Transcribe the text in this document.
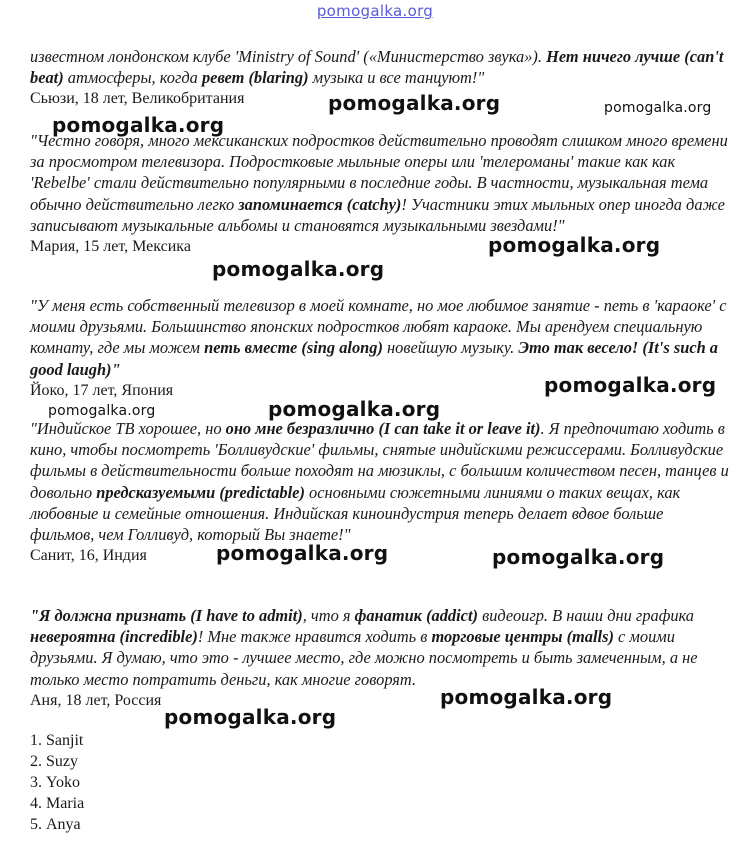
pomogalka.org

известном лондонском клубе 'Ministry of Sound' («Министерство звука»). Нет ничего лучше (can't beat) атмосферы, когда ревет (blaring) музыка и все танцуют!"

Сьюзи, 18 лет, Великобритания

"Честно говоря, много мексиканских подростков действительно проводят слишком много времени за просмотром телевизора. Подростковые мыльные оперы или 'телероманы' такие как как 'Rebelbe' стали действительно популярными в последние годы. В частности, музыкальная тема обычно действительно легко запоминается (catchy)! Участники этих мыльных опер иногда даже записывают музыкальные альбомы и становятся музыкальными звездами!"

Мария, 15 лет, Мексика

"У меня есть собственный телевизор в моей комнате, но мое любимое занятие - петь в 'караоке' с моими друзьями. Большинство японских подростков любят караоке. Мы арендуем специальную комнату, где мы можем петь вместе (sing along) новейшую музыку. Это так весело! (It's such a good laugh)"

Йоко, 17 лет, Япония

"Индийское ТВ хорошее, но оно мне безразлично (I can take it or leave it). Я предпочитаю ходить в кино, чтобы посмотреть 'Болливудские' фильмы, снятые индийскими режиссерами. Болливудские фильмы в действительности больше походят на мюзиклы, с большим количеством песен, танцев и довольно предсказуемыми (predictable) основными сюжетными линиями о таких вещах, как любовные и семейные отношения. Индийская киноиндустрия теперь делает вдвое больше фильмов, чем Голливуд, который Вы знаете!"

Санит, 16, Индия

"Я должна признать (I have to admit), что я фанатик (addict) видеоигр. В наши дни графика невероятна (incredible)! Мне также нравится ходить в торговые центры (malls) с моими друзьями. Я думаю, что это - лучшее место, где можно посмотреть и быть замеченным, а не только место потратить деньги, как многие говорят.

Аня, 18 лет, Россия

1. Sanjit
2. Suzy
3. Yoko
4. Maria
5. Anya
pomogalka.org	pomogalka.org
pomogalka.org
pomogalka.org
pomogalka.org
pomogalka.org
pomogalka.org	pomogalka.org
pomogalka.org	pomogalka.org
pomogalka.org
pomogalka.org
